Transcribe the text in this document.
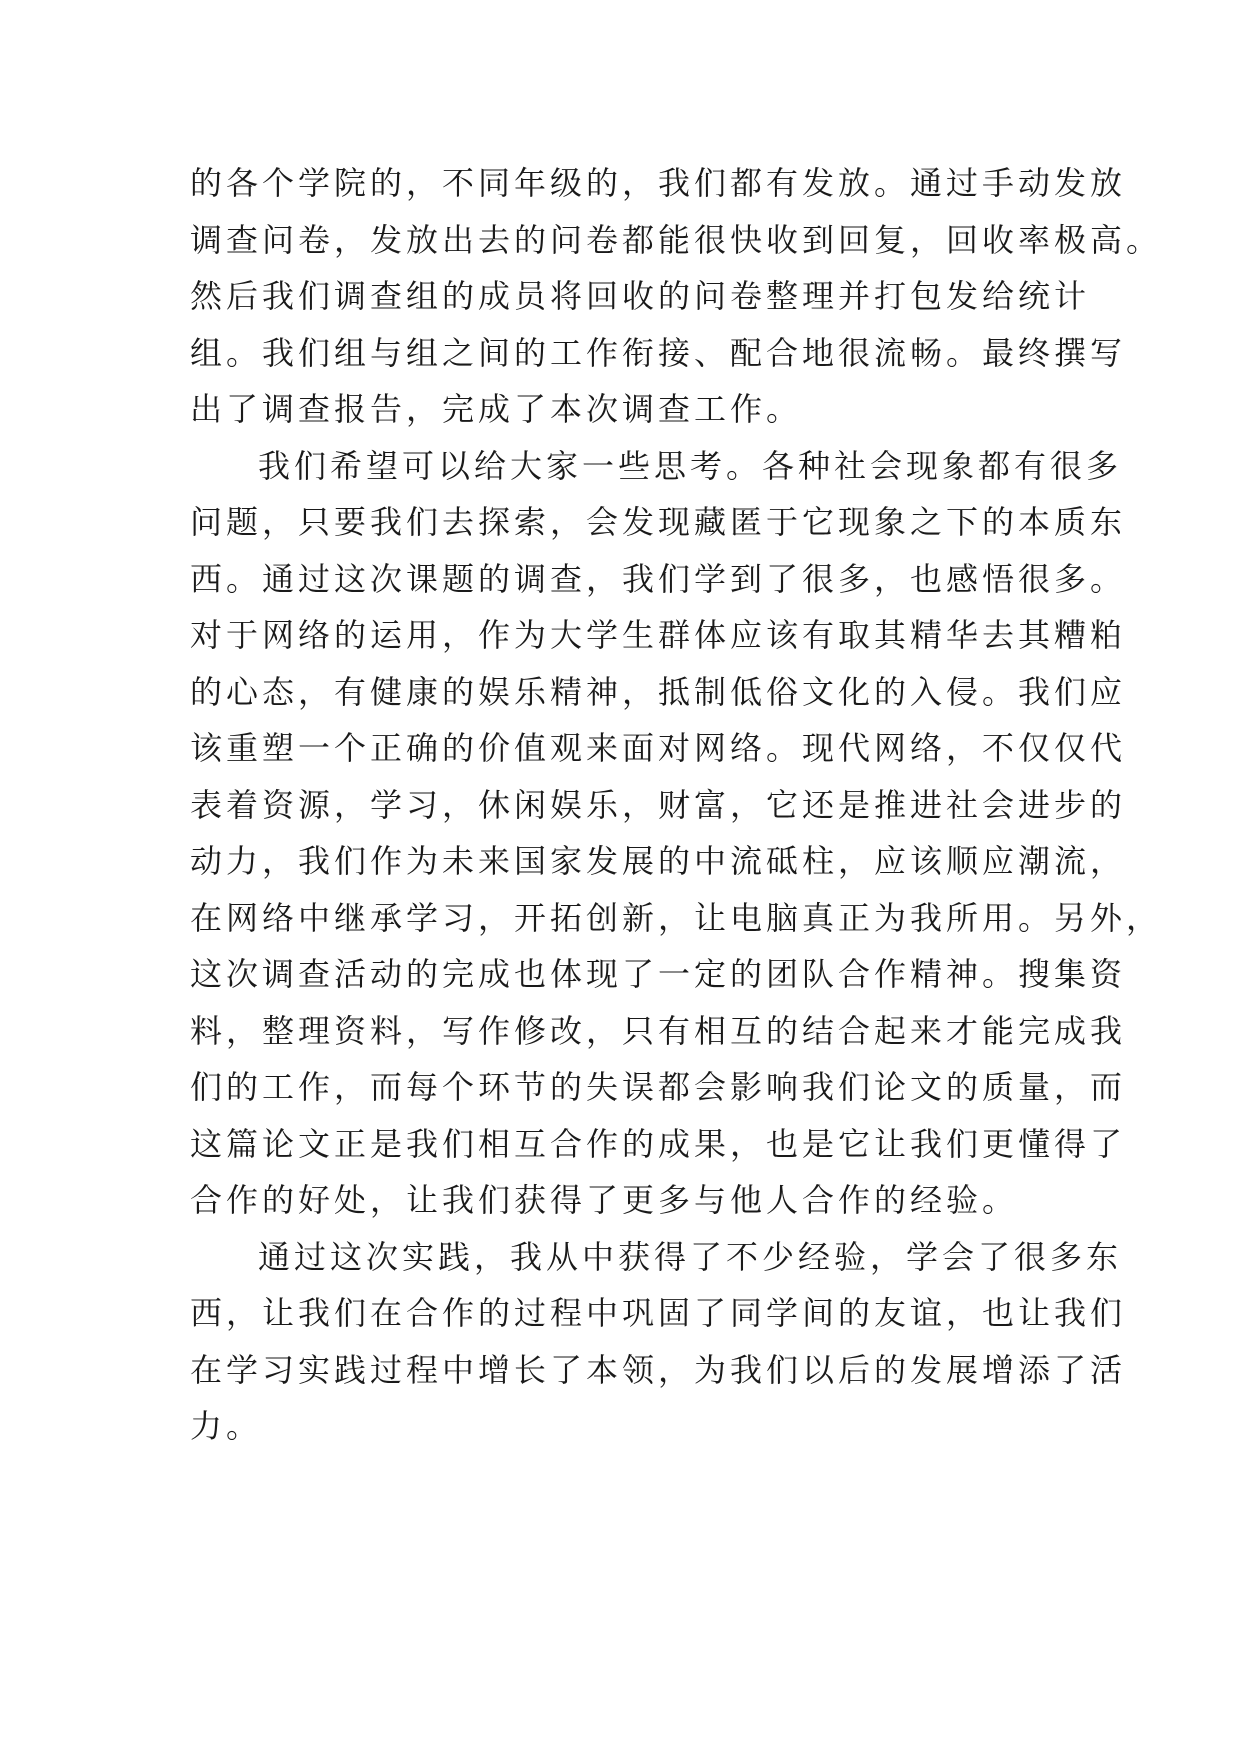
的各个学院的，不同年级的，我们都有发放。通过手动发放
调查问卷，发放出去的问卷都能很快收到回复，回收率极高。
然后我们调查组的成员将回收的问卷整理并打包发给统计
组。我们组与组之间的工作衔接、配合地很流畅。最终撰写
出了调查报告，完成了本次调查工作。
我们希望可以给大家一些思考。各种社会现象都有很多
问题，只要我们去探索，会发现藏匿于它现象之下的本质东
西。通过这次课题的调查，我们学到了很多，也感悟很多。
对于网络的运用，作为大学生群体应该有取其精华去其糟粕
的心态，有健康的娱乐精神，抵制低俗文化的入侵。我们应
该重塑一个正确的价值观来面对网络。现代网络，不仅仅代
表着资源，学习，休闲娱乐，财富，它还是推进社会进步的
动力，我们作为未来国家发展的中流砥柱，应该顺应潮流，
在网络中继承学习，开拓创新，让电脑真正为我所用。另外，
这次调查活动的完成也体现了一定的团队合作精神。搜集资
料，整理资料，写作修改，只有相互的结合起来才能完成我
们的工作，而每个环节的失误都会影响我们论文的质量，而
这篇论文正是我们相互合作的成果，也是它让我们更懂得了
合作的好处，让我们获得了更多与他人合作的经验。
通过这次实践，我从中获得了不少经验，学会了很多东
西，让我们在合作的过程中巩固了同学间的友谊，也让我们
在学习实践过程中增长了本领，为我们以后的发展增添了活
力。
